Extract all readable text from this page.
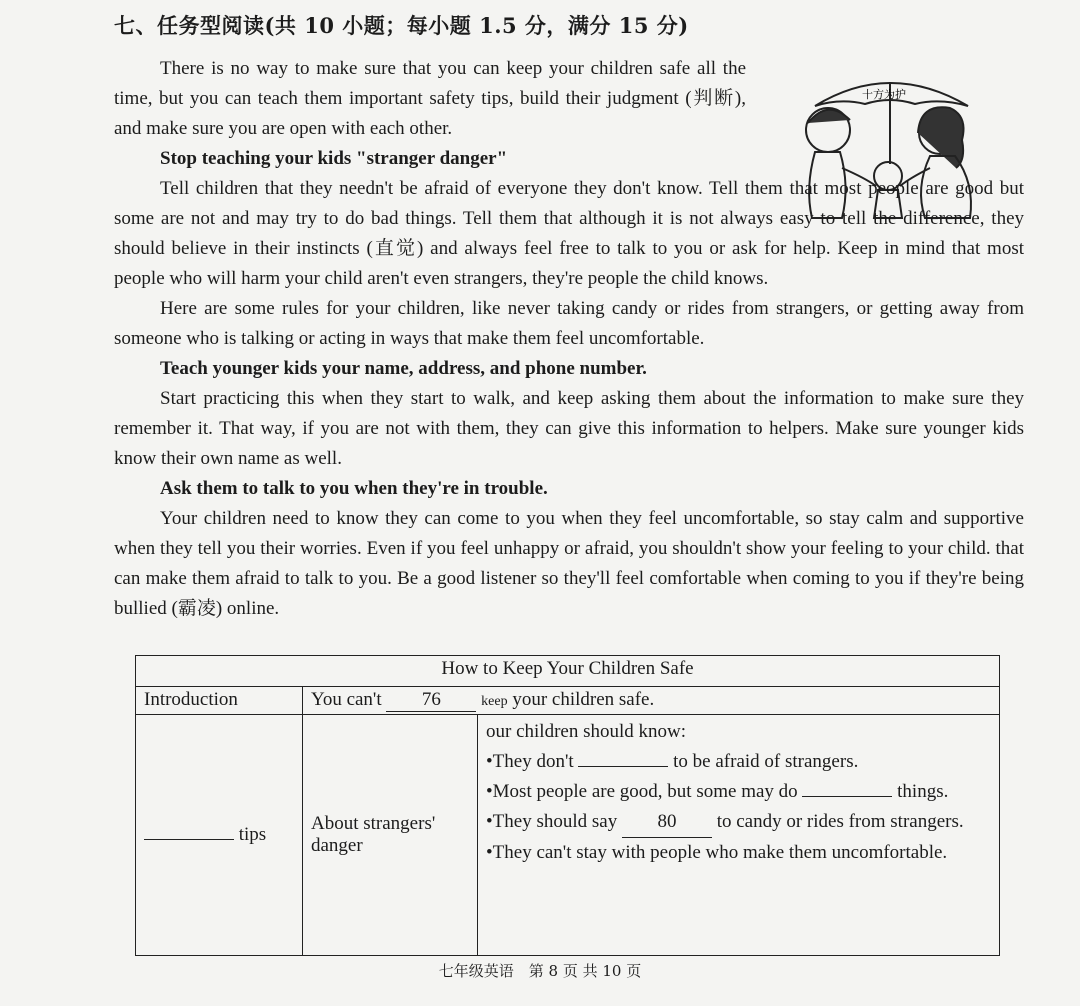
七、任务型阅读(共 10 小题；每小题 1.5 分，满分 15 分)
十方为护

There is no way to make sure that you can keep your children safe all the time, but you can teach them important safety tips, build their judgment (判断), and make sure you are open with each other.

Stop teaching your kids "stranger danger"

Tell children that they needn't be afraid of everyone they don't know. Tell them that most people are good but some are not and may try to do bad things. Tell them that although it is not always easy to tell the difference, they should believe in their instincts (直觉) and always feel free to talk to you or ask for help. Keep in mind that most people who will harm your child aren't even strangers, they're people the child knows.

Here are some rules for your children, like never taking candy or rides from strangers, or getting away from someone who is talking or acting in ways that make them feel uncomfortable.

Teach younger kids your name, address, and phone number.

Start practicing this when they start to walk, and keep asking them about the information to make sure they remember it. That way, if you are not with them, they can give this information to helpers. Make sure younger kids know their own name as well.

Ask them to talk to you when they're in trouble.

Your children need to know they can come to you when they feel uncomfortable, so stay calm and supportive when they tell you their worries. Even if you feel unhappy or afraid, you shouldn't show your feeling to your child. that can make them afraid to talk to you. Be a good listener so they'll feel comfortable when coming to you if they're being bullied (霸凌) online.

How to Keep Your Children Safe		
Introduction	You can't 76 keep your children safe.	
tips	About strangers' danger	our children should know:
•They don't to be afraid of strangers.
•Most people are good, but some may do things.
•They should say 80 to candy or rides from strangers.
•They can't stay with people who make them uncomfortable.
七年级英语　第 8 页 共 10 页
